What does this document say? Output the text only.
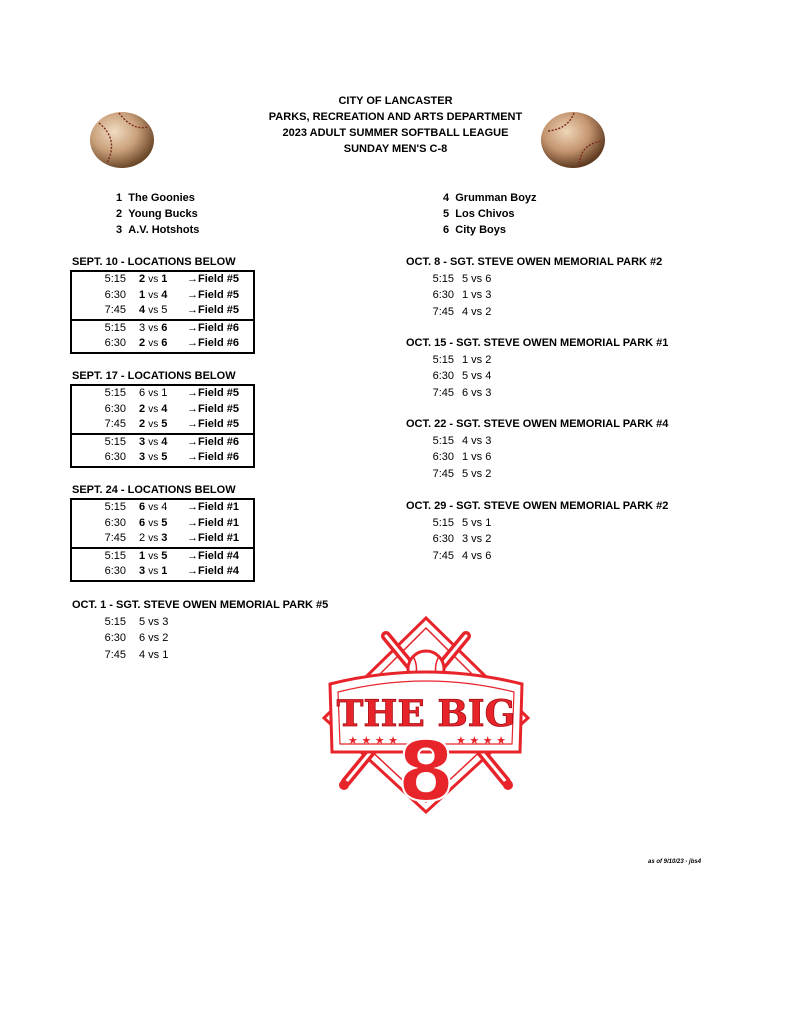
CITY OF LANCASTER
PARKS, RECREATION AND ARTS DEPARTMENT
2023 ADULT SUMMER SOFTBALL LEAGUE
SUNDAY MEN'S C-8
1 The Goonies
2 Young Bucks
3 A.V. Hotshots
4 Grumman Boyz
5 Los Chivos
6 City Boys
SEPT. 10 - LOCATIONS BELOW
5:15 2 vs 1 →Field #5
6:30 1 vs 4 →Field #5
7:45 4 vs 5 →Field #5
5:15 3 vs 6 →Field #6
6:30 2 vs 6 →Field #6
SEPT. 17 - LOCATIONS BELOW
5:15 6 vs 1 →Field #5
6:30 2 vs 4 →Field #5
7:45 2 vs 5 →Field #5
5:15 3 vs 4 →Field #6
6:30 3 vs 5 →Field #6
SEPT. 24 - LOCATIONS BELOW
5:15 6 vs 4 →Field #1
6:30 6 vs 5 →Field #1
7:45 2 vs 3 →Field #1
5:15 1 vs 5 →Field #4
6:30 3 vs 1 →Field #4
OCT. 1 - SGT. STEVE OWEN MEMORIAL PARK #5
5:15 5 vs 3
6:30 6 vs 2
7:45 4 vs 1
OCT. 8 - SGT. STEVE OWEN MEMORIAL PARK #2
5:15 5 vs 6
6:30 1 vs 3
7:45 4 vs 2
OCT. 15 - SGT. STEVE OWEN MEMORIAL PARK #1
5:15 1 vs 2
6:30 5 vs 4
7:45 6 vs 3
OCT. 22 - SGT. STEVE OWEN MEMORIAL PARK #4
5:15 4 vs 3
6:30 1 vs 6
7:45 5 vs 2
OCT. 29 - SGT. STEVE OWEN MEMORIAL PARK #2
5:15 5 vs 1
6:30 3 vs 2
7:45 4 vs 6
THE BIG
★ ★ ★ ★	★ ★ ★ ★
8
as of 9/10/23 - jbs4
